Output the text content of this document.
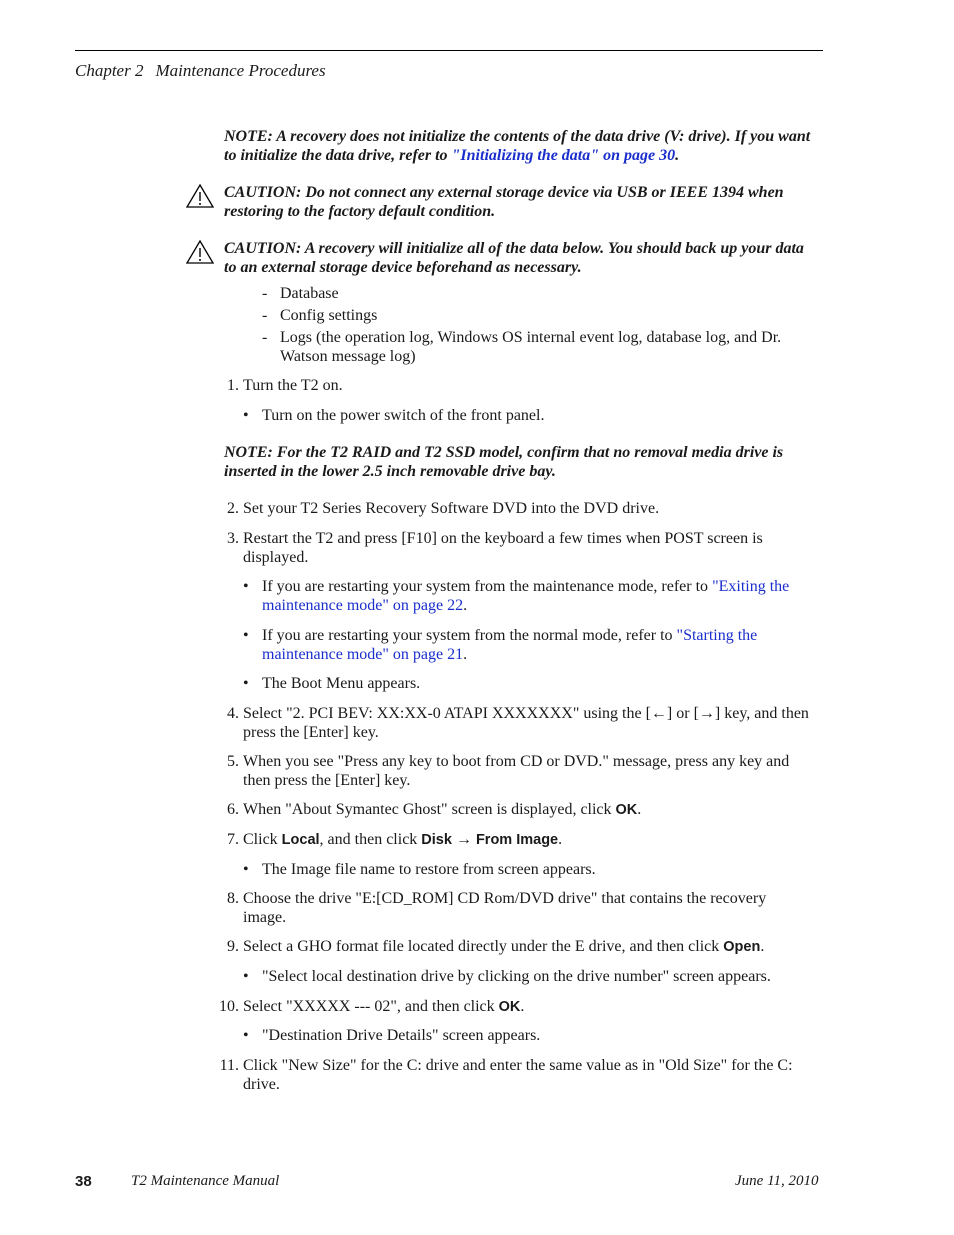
Chapter 2 Maintenance Procedures
NOTE: A recovery does not initialize the contents of the data drive (V: drive). If you want to initialize the data drive, refer to "Initializing the data" on page 30.
CAUTION: Do not connect any external storage device via USB or IEEE 1394 when restoring to the factory default condition.
CAUTION: A recovery will initialize all of the data below. You should back up your data to an external storage device beforehand as necessary.
- Database
- Config settings
- Logs (the operation log, Windows OS internal event log, database log, and Dr. Watson message log)
1. Turn the T2 on.
• Turn on the power switch of the front panel.
NOTE: For the T2 RAID and T2 SSD model, confirm that no removal media drive is inserted in the lower 2.5 inch removable drive bay.
2. Set your T2 Series Recovery Software DVD into the DVD drive.
3. Restart the T2 and press [F10] on the keyboard a few times when POST screen is displayed.
• If you are restarting your system from the maintenance mode, refer to "Exiting the maintenance mode" on page 22.
• If you are restarting your system from the normal mode, refer to "Starting the maintenance mode" on page 21.
• The Boot Menu appears.
4. Select "2. PCI BEV: XX:XX-0 ATAPI XXXXXXX" using the [←] or [→] key, and then press the [Enter] key.
5. When you see "Press any key to boot from CD or DVD." message, press any key and then press the [Enter] key.
6. When "About Symantec Ghost" screen is displayed, click OK.
7. Click Local, and then click Disk → From Image.
• The Image file name to restore from screen appears.
8. Choose the drive "E:[CD_ROM] CD Rom/DVD drive" that contains the recovery image.
9. Select a GHO format file located directly under the E drive, and then click Open.
• "Select local destination drive by clicking on the drive number" screen appears.
10. Select "XXXXX --- 02", and then click OK.
• "Destination Drive Details" screen appears.
11. Click "New Size" for the C: drive and enter the same value as in "Old Size" for the C: drive.
38	T2 Maintenance Manual	June 11, 2010
